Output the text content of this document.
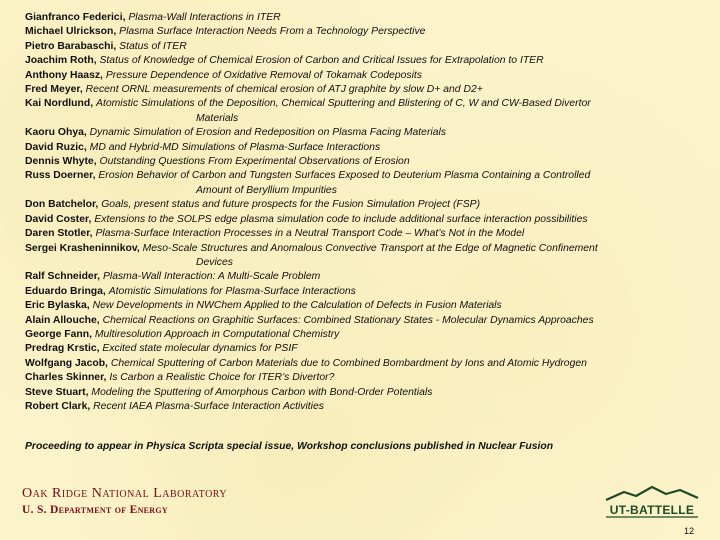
Gianfranco Federici, Plasma-Wall Interactions in ITER

Michael Ulrickson, Plasma Surface Interaction Needs From a Technology Perspective

Pietro Barabaschi, Status of ITER

Joachim Roth, Status of Knowledge of Chemical Erosion of Carbon and Critical Issues for Extrapolation to ITER

Anthony Haasz, Pressure Dependence of Oxidative Removal of Tokamak Codeposits

Fred Meyer, Recent ORNL measurements of chemical erosion of ATJ graphite by slow D+ and D2+

Kai Nordlund, Atomistic Simulations of the Deposition, Chemical Sputtering and Blistering of C, W and CW-Based Divertor
Materials

Kaoru Ohya, Dynamic Simulation of Erosion and Redeposition on Plasma Facing Materials

David Ruzic, MD and Hybrid-MD Simulations of Plasma-Surface Interactions

Dennis Whyte, Outstanding Questions From Experimental Observations of Erosion

Russ Doerner, Erosion Behavior of Carbon and Tungsten Surfaces Exposed to Deuterium Plasma Containing a Controlled
Amount of Beryllium Impurities

Don Batchelor, Goals, present status and future prospects for the Fusion Simulation Project (FSP)

David Coster, Extensions to the SOLPS edge plasma simulation code to include additional surface interaction possibilities

Daren Stotler, Plasma-Surface Interaction Processes in a Neutral Transport Code – What’s Not in the Model

Sergei Krasheninnikov, Meso-Scale Structures and Anomalous Convective Transport at the Edge of Magnetic Confinement
Devices

Ralf Schneider, Plasma-Wall Interaction: A Multi-Scale Problem

Eduardo Bringa, Atomistic Simulations for Plasma-Surface Interactions

Eric Bylaska, New Developments in NWChem Applied to the Calculation of Defects in Fusion Materials

Alain Allouche, Chemical Reactions on Graphitic Surfaces: Combined Stationary States - Molecular Dynamics Approaches

George Fann, Multiresolution Approach in Computational Chemistry

Predrag Krstic, Excited state molecular dynamics for PSIF

Wolfgang Jacob, Chemical Sputtering of Carbon Materials due to Combined Bombardment by Ions and Atomic Hydrogen

Charles Skinner, Is Carbon a Realistic Choice for ITER’s Divertor?

Steve Stuart, Modeling the Sputtering of Amorphous Carbon with Bond-Order Potentials

Robert Clark, Recent IAEA Plasma-Surface Interaction Activities

Proceeding to appear in Physica Scripta special issue, Workshop conclusions published in Nuclear Fusion
Oak Ridge National Laboratory
U. S. Department of Energy	UT-BATTELLE
12
